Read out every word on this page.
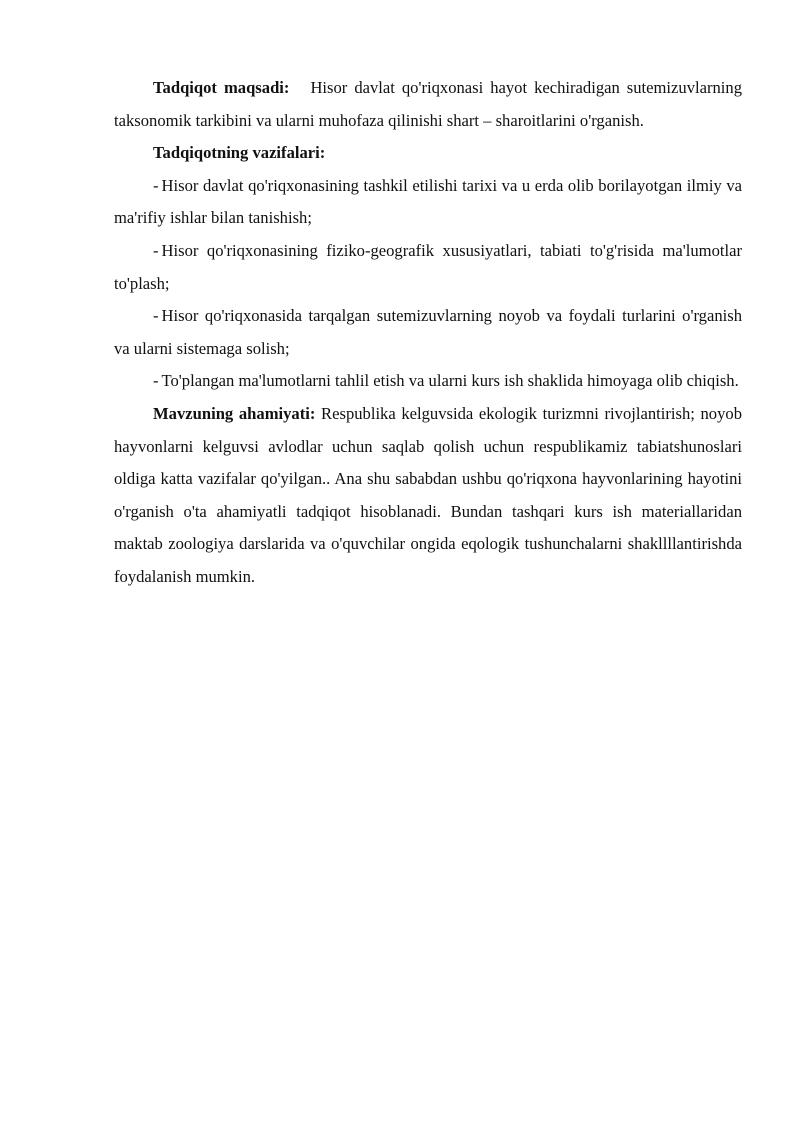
Tadqiqot maqsadi: Hisor davlat qo'riqxonasi hayot kechiradigan sutemizuvlarning taksonomik tarkibini va ularni muhofaza qilinishi shart – sharoitlarini o'rganish.

Tadqiqotning vazifalari:

- Hisor davlat qo'riqxonasining tashkil etilishi tarixi va u erda olib borilayotgan ilmiy va ma'rifiy ishlar bilan tanishish;

- Hisor qo'riqxonasining fiziko-geografik xususiyatlari, tabiati to'g'risida ma'lumotlar to'plash;

- Hisor qo'riqxonasida tarqalgan sutemizuvlarning noyob va foydali turlarini o'rganish va ularni sistemaga solish;

- To'plangan ma'lumotlarni tahlil etish va ularni kurs ish shaklida himoyaga olib chiqish.

Mavzuning ahamiyati: Respublika kelguvsida ekologik turizmni rivojlantirish; noyob hayvonlarni kelguvsi avlodlar uchun saqlab qolish uchun respublikamiz tabiatshunoslari oldiga katta vazifalar qo'yilgan.. Ana shu sababdan ushbu qo'riqxona hayvonlarining hayotini o'rganish o'ta ahamiyatli tadqiqot hisoblanadi. Bundan tashqari kurs ish materiallaridan maktab zoologiya darslarida va o'quvchilar ongida eqologik tushunchalarni shakllllantirishda foydalanish mumkin.
